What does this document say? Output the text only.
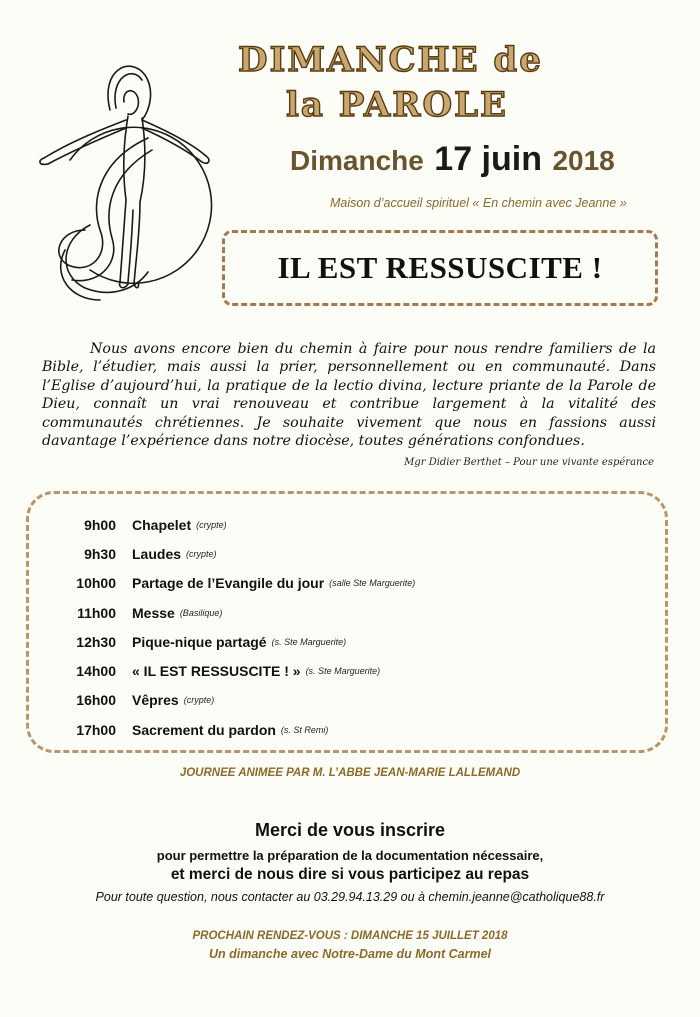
DIMANCHE de
la PAROLE
Dimanche 17 juin 2018
Maison d’accueil spirituel « En chemin avec Jeanne »
IL EST RESSUSCITE !

Nous avons encore bien du chemin à faire pour nous rendre familiers de la Bible, l’étudier, mais aussi la prier, personnellement ou en communauté. Dans l’Eglise d’aujourd’hui, la pratique de la lectio divina, lecture priante de la Parole de Dieu, connaît un vrai renouveau et contribue largement à la vitalité des communautés chrétiennes. Je souhaite vivement que nous en fassions aussi davantage l’expérience dans notre diocèse, toutes générations confondues.

Mgr Didier Berthet – Pour une vivante espérance
9h00 Chapelet (crypte)
9h30 Laudes (crypte)
10h00 Partage de l’Evangile du jour (salle Ste Marguerite)
11h00 Messe (Basilique)
12h30 Pique-nique partagé (s. Ste Marguerite)
14h00 « IL EST RESSUSCITE ! » (s. Ste Marguerite)
16h00 Vêpres (crypte)
17h00 Sacrement du pardon (s. St Remi)
JOURNEE ANIMEE PAR M. L’ABBE JEAN-MARIE LALLEMAND
Merci de vous inscrire
pour permettre la préparation de la documentation nécessaire,
et merci de nous dire si vous participez au repas
Pour toute question, nous contacter au 03.29.94.13.29 ou à chemin.jeanne@catholique88.fr
PROCHAIN RENDEZ-VOUS : DIMANCHE 15 JUILLET 2018
Un dimanche avec Notre-Dame du Mont Carmel
